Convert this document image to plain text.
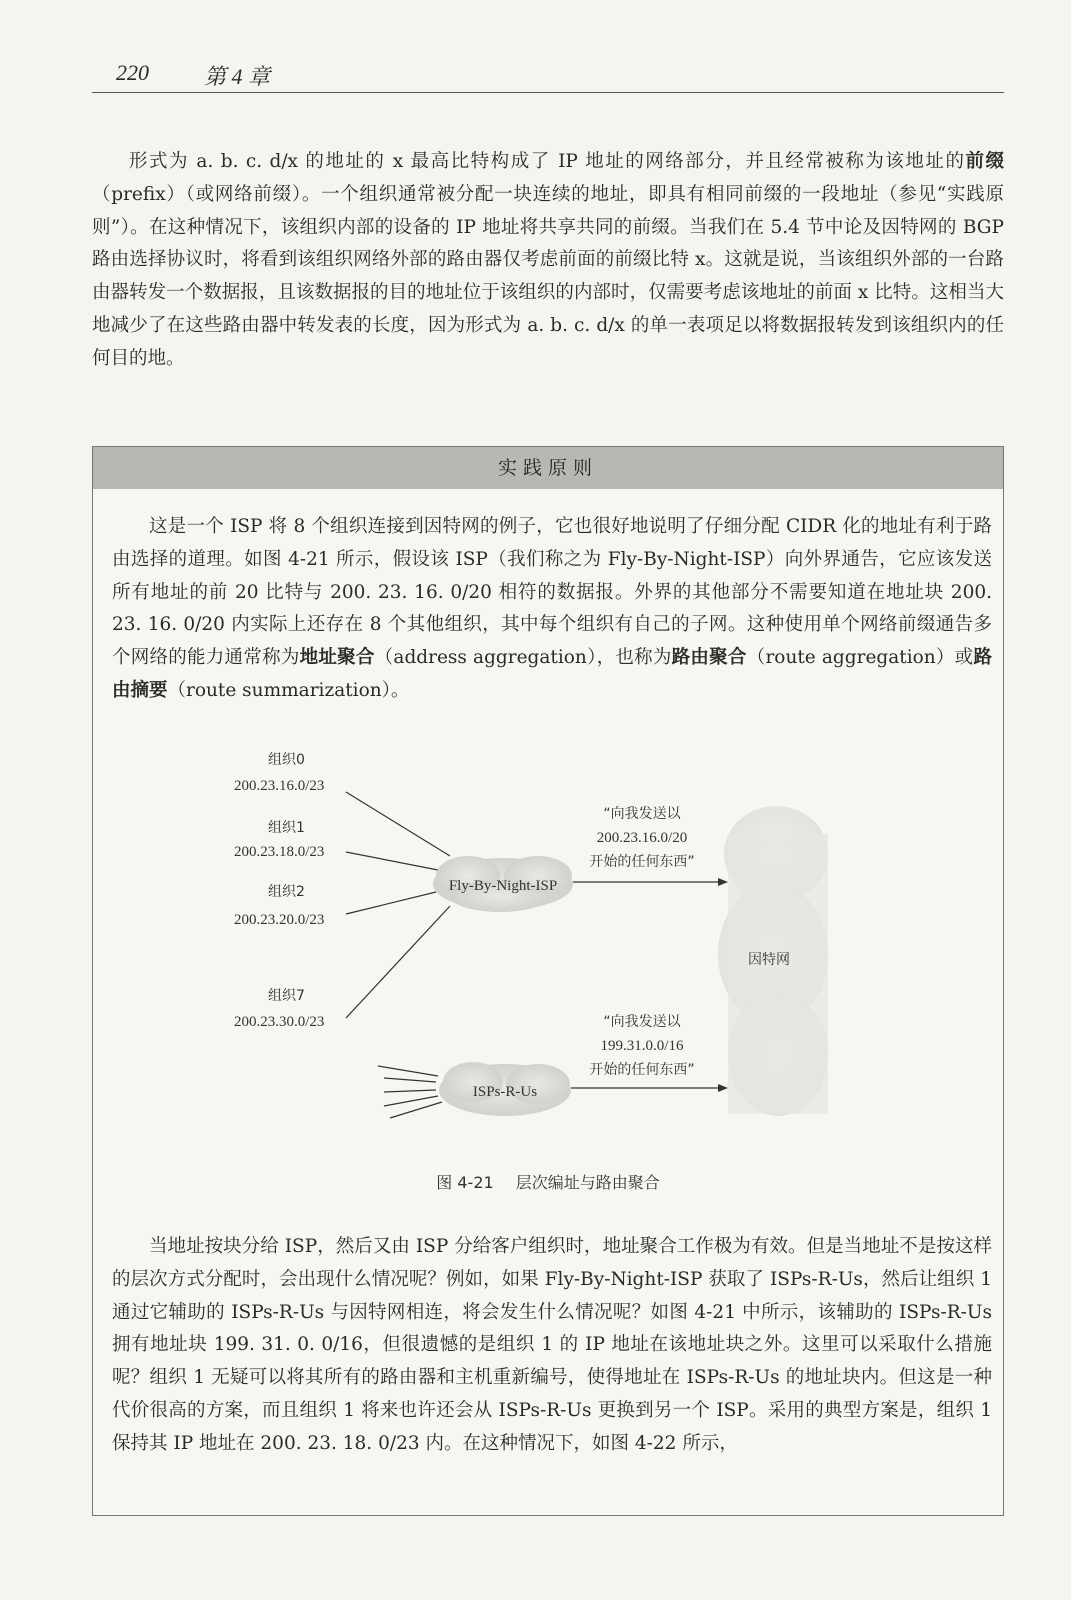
220	第 4 章

形式为 a. b. c. d/x 的地址的 x 最高比特构成了 IP 地址的网络部分，并且经常被称为该地址的前缀（prefix）（或网络前缀）。一个组织通常被分配一块连续的地址，即具有相同前缀的一段地址（参见“实践原则”）。在这种情况下，该组织内部的设备的 IP 地址将共享共同的前缀。当我们在 5.4 节中论及因特网的 BGP 路由选择协议时，将看到该组织网络外部的路由器仅考虑前面的前缀比特 x。这就是说，当该组织外部的一台路由器转发一个数据报，且该数据报的目的地址位于该组织的内部时，仅需要考虑该地址的前面 x 比特。这相当大地减少了在这些路由器中转发表的长度，因为形式为 a. b. c. d/x 的单一表项足以将数据报转发到该组织内的任何目的地。

实践原则

这是一个 ISP 将 8 个组织连接到因特网的例子，它也很好地说明了仔细分配 CIDR 化的地址有利于路由选择的道理。如图 4-21 所示，假设该 ISP（我们称之为 Fly-By-Night-ISP）向外界通告，它应该发送所有地址的前 20 比特与 200. 23. 16. 0/20 相符的数据报。外界的其他部分不需要知道在地址块 200. 23. 16. 0/20 内实际上还存在 8 个其他组织，其中每个组织有自己的子网。这种使用单个网络前缀通告多个网络的能力通常称为地址聚合（address aggregation），也称为路由聚合（route aggregation）或路由摘要（route summarization）。

因特网
Fly-By-Night-ISP
“向我发送以
200.23.16.0/20
开始的任何东西”
组织0
200.23.16.0/23
组织1
200.23.18.0/23
组织2
200.23.20.0/23
组织7
200.23.30.0/23
ISPs-R-Us
“向我发送以
199.31.0.0/16
开始的任何东西”
图 4-21 层次编址与路由聚合

当地址按块分给 ISP，然后又由 ISP 分给客户组织时，地址聚合工作极为有效。但是当地址不是按这样的层次方式分配时，会出现什么情况呢？例如，如果 Fly-By-Night-ISP 获取了 ISPs-R-Us，然后让组织 1 通过它辅助的 ISPs-R-Us 与因特网相连，将会发生什么情况呢？如图 4-21 中所示，该辅助的 ISPs-R-Us 拥有地址块 199. 31. 0. 0/16，但很遗憾的是组织 1 的 IP 地址在该地址块之外。这里可以采取什么措施呢？组织 1 无疑可以将其所有的路由器和主机重新编号，使得地址在 ISPs-R-Us 的地址块内。但这是一种代价很高的方案，而且组织 1 将来也许还会从 ISPs-R-Us 更换到另一个 ISP。采用的典型方案是，组织 1 保持其 IP 地址在 200. 23. 18. 0/23 内。在这种情况下，如图 4-22 所示，
